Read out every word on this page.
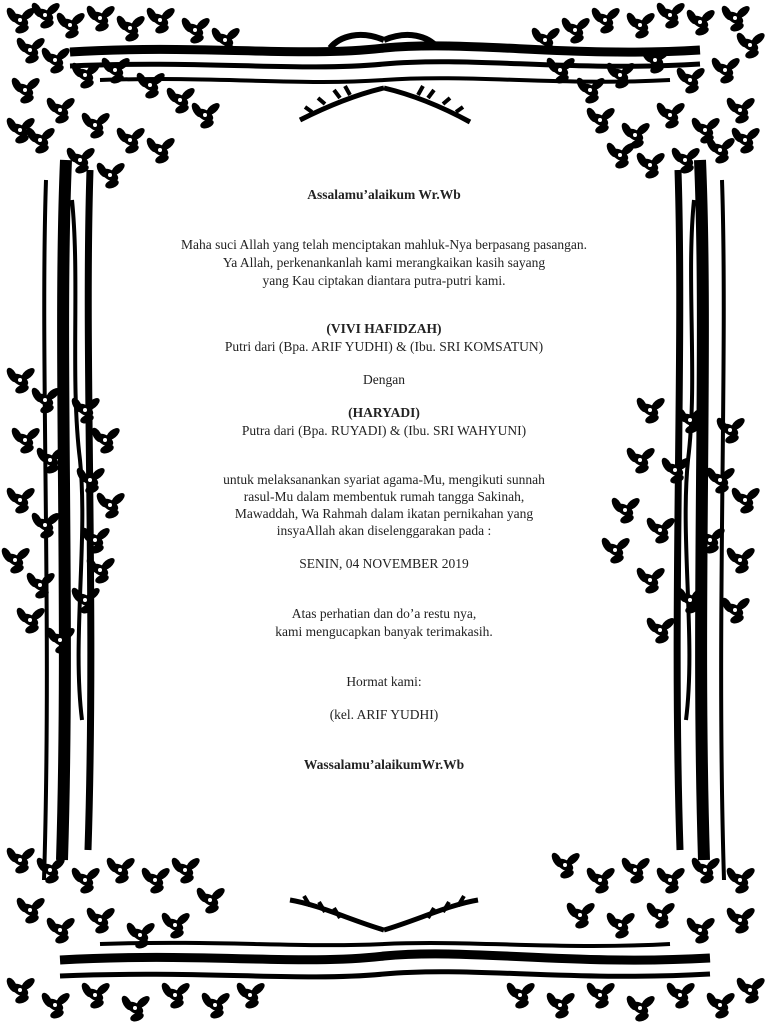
Assalamu’alaikum Wr.Wb
Maha suci Allah yang telah menciptakan mahluk-Nya berpasang pasangan.
Ya Allah, perkenankanlah kami merangkaikan kasih sayang
yang Kau ciptakan diantara putra-putri kami.
(VIVI HAFIDZAH)
Putri dari (Bpa. ARIF YUDHI) & (Ibu. SRI KOMSATUN)
Dengan
(HARYADI)
Putra dari (Bpa. RUYADI) & (Ibu. SRI WAHYUNI)
untuk melaksanankan syariat agama-Mu, mengikuti sunnah
rasul-Mu dalam membentuk rumah tangga Sakinah,
Mawaddah, Wa Rahmah dalam ikatan pernikahan yang
insyaAllah akan diselenggarakan pada :
SENIN, 04 NOVEMBER 2019
Atas perhatian dan do’a restu nya,
kami mengucapkan banyak terimakasih.
Hormat kami:
(kel. ARIF YUDHI)
Wassalamu’alaikumWr.Wb
